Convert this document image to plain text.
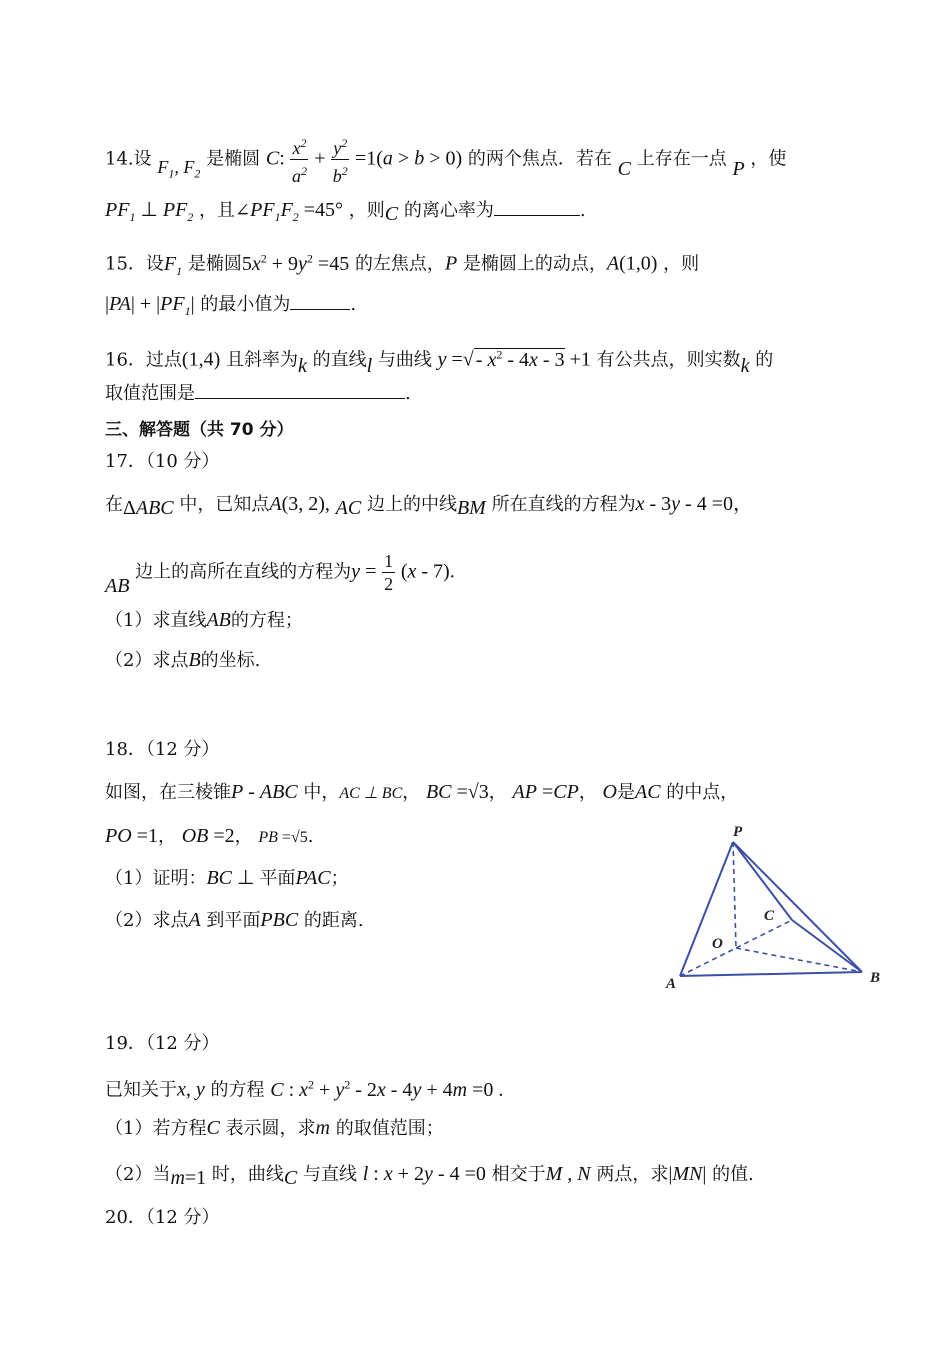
14.设 $F_1$, $F_2$ 是椭圆 C: $\frac{x^2}{a^2} + \frac{y^2}{b^2} =1(a > b > 0)$ 的两个焦点．若在 C 上存在一点 P ，使
$PF_1$ ⊥ $PF_2$ ，且$\angle PF_1F_2 =45^\circ$ ，则C 的离心率为	.
15．设$F_1$ 是椭圆$5x^2 + 9y^2 =45$ 的左焦点，P 是椭圆上的动点，A(1,0) ，则
$|PA| + |PF_1|$ 的最小值为	.
16．过点(1,4) 且斜率为k 的直线l 与曲线 y =√ - $x^2 - 4x - 3 +1$ 有公共点，则实数k 的
取值范围是	.
三、解答题（共 70 分）
17．（10 分）
在ΔABC 中，已知点A(3, 2), AC 边上的中线BM 所在直线的方程为x - 3y - 4 =0，
AB 边上的高所在直线的方程为$y = \frac{1}{2} (x - 7)$.
（1）求直线AB的方程；
（2）求点B的坐标.
18．（12 分）
如图，在三棱锥P - ABC 中，AC ⊥ BC， BC =√3， AP =CP， O是AC 的中点，
PO =1， OB =2， PB =√5.
（1）证明：BC ⊥ 平面PAC；
（2）求点A 到平面PBC 的距离.
P
C
O
A	B
19．（12 分）
已知关于x, y 的方程 C : $x^2 + y^2 - 2x - 4y + 4m =0$ .
（1）若方程C 表示圆，求m 的取值范围；
（2）当m=1 时，曲线C 与直线 l : x + 2y - 4 =0 相交于M , N 两点，求|MN| 的值.
20．（12 分）
